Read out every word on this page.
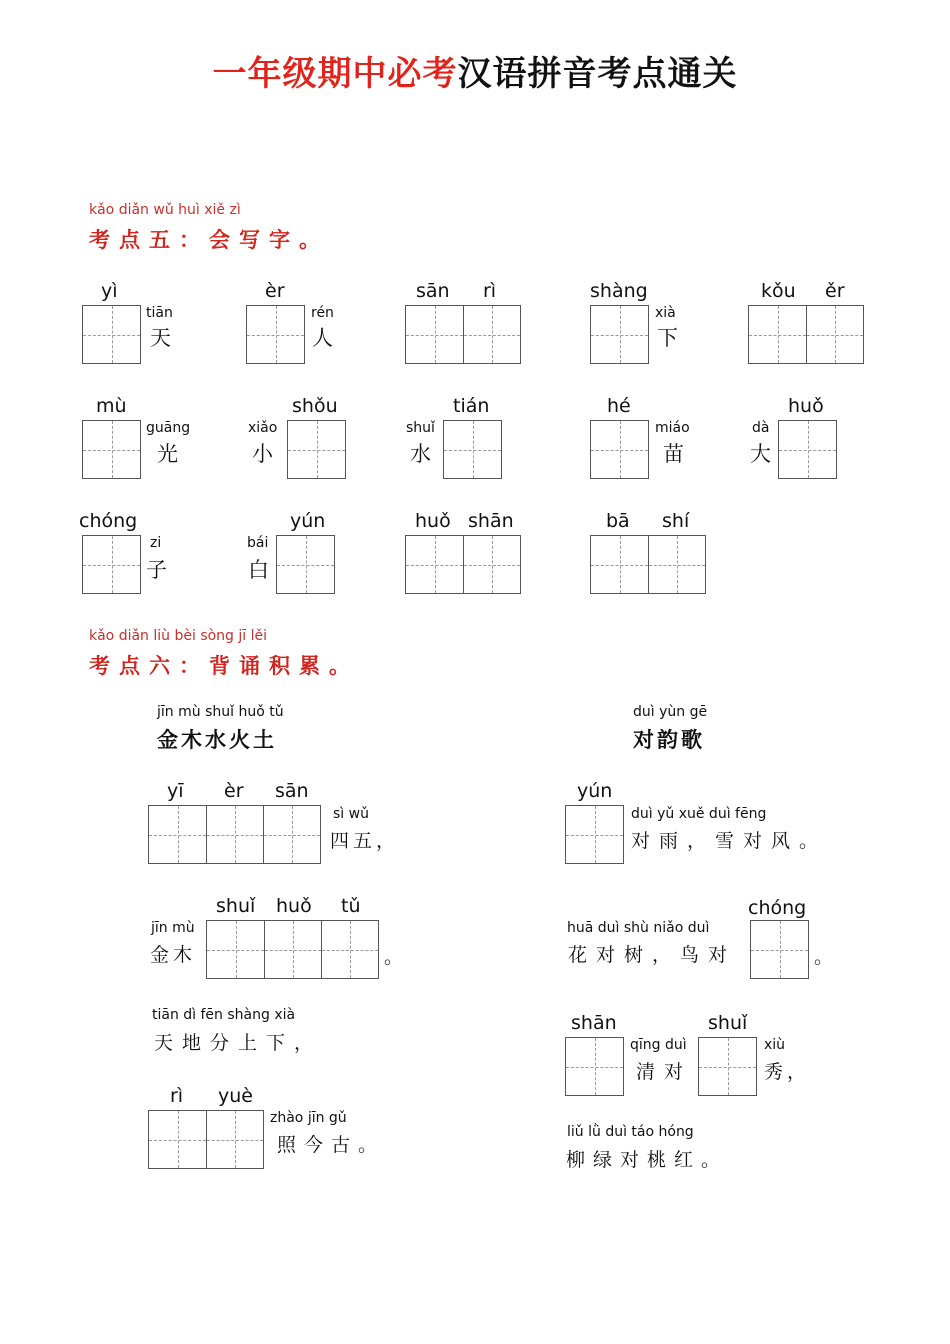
一年级期中必考汉语拼音考点通关
kǎo diǎn wǔ huì xiě zì
考点五：会写字。
yì
tiān
天
èr
rén
人
sān rì	shàng
xià
下
kǒu ěr
mù
guāng
光
xiǎo
小
shǒu
shuǐ
水
tián	hé
miáo
苗
dà
大
huǒ
chóng
zi
子
bái
白
yún	huǒ shān	bā shí
kǎo diǎn liù bèi sòng jī lěi
考点六：背诵积累。
jīn mù shuǐ huǒ tǔ
金木水火土
yī èr sān
sì wǔ
四五，
jīn mù
金木
shuǐ huǒ tǔ
。
tiān dì fēn shàng xià
天地分上下，
rì yuè
zhào jīn gǔ
照今古。
duì yùn gē
对韵歌
yún
duì yǔ xuě duì fēng
对雨，雪对风。
huā duì shù niǎo duì
花对树，鸟对
chóng
。
shān
qīng duì
清对
shuǐ
xiù
秀，
liǔ lǜ duì táo hóng
柳绿对桃红。
